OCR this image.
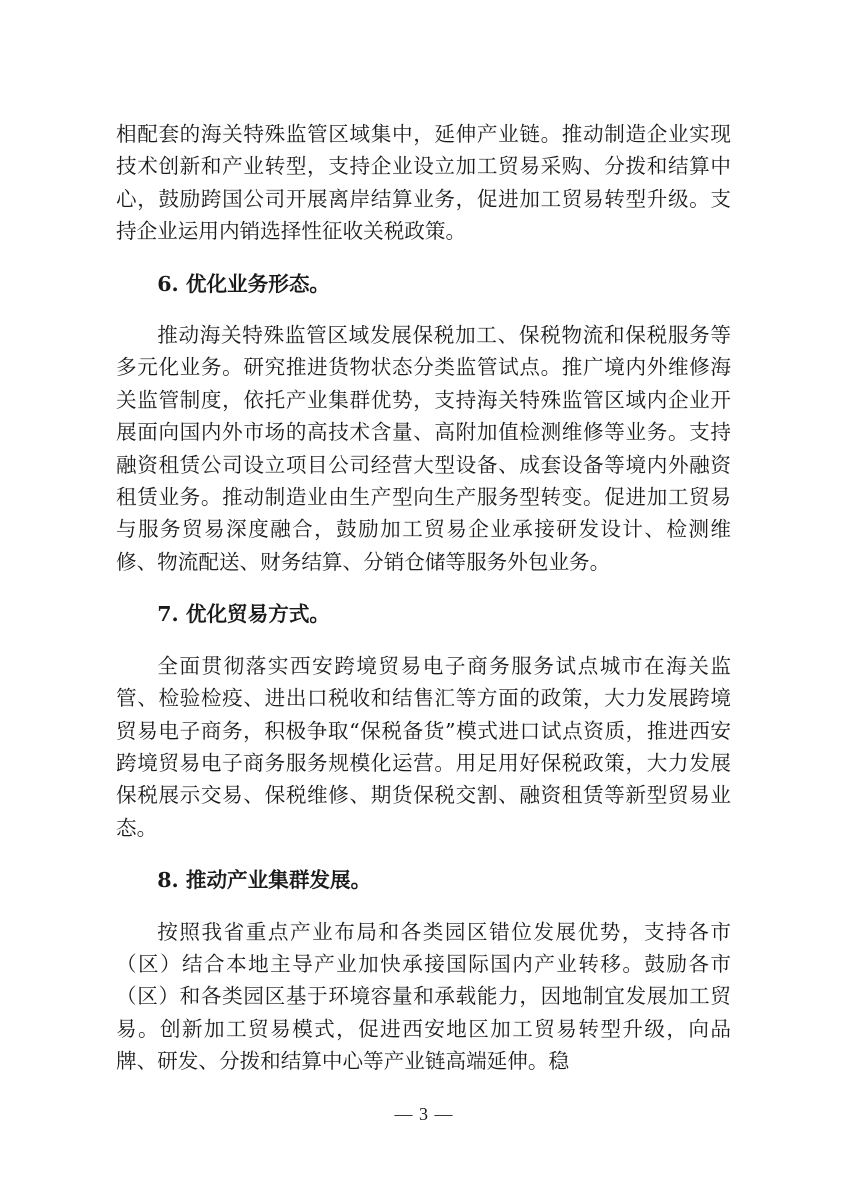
相配套的海关特殊监管区域集中，延伸产业链。推动制造企业实现技术创新和产业转型，支持企业设立加工贸易采购、分拨和结算中心，鼓励跨国公司开展离岸结算业务，促进加工贸易转型升级。支持企业运用内销选择性征收关税政策。

6. 优化业务形态。

推动海关特殊监管区域发展保税加工、保税物流和保税服务等多元化业务。研究推进货物状态分类监管试点。推广境内外维修海关监管制度，依托产业集群优势，支持海关特殊监管区域内企业开展面向国内外市场的高技术含量、高附加值检测维修等业务。支持融资租赁公司设立项目公司经营大型设备、成套设备等境内外融资租赁业务。推动制造业由生产型向生产服务型转变。促进加工贸易与服务贸易深度融合，鼓励加工贸易企业承接研发设计、检测维修、物流配送、财务结算、分销仓储等服务外包业务。

7. 优化贸易方式。

全面贯彻落实西安跨境贸易电子商务服务试点城市在海关监管、检验检疫、进出口税收和结售汇等方面的政策，大力发展跨境贸易电子商务，积极争取“保税备货”模式进口试点资质，推进西安跨境贸易电子商务服务规模化运营。用足用好保税政策，大力发展保税展示交易、保税维修、期货保税交割、融资租赁等新型贸易业态。

8. 推动产业集群发展。

按照我省重点产业布局和各类园区错位发展优势，支持各市（区）结合本地主导产业加快承接国际国内产业转移。鼓励各市（区）和各类园区基于环境容量和承载能力，因地制宜发展加工贸易。创新加工贸易模式，促进西安地区加工贸易转型升级，向品牌、研发、分拨和结算中心等产业链高端延伸。稳

— 3 —
